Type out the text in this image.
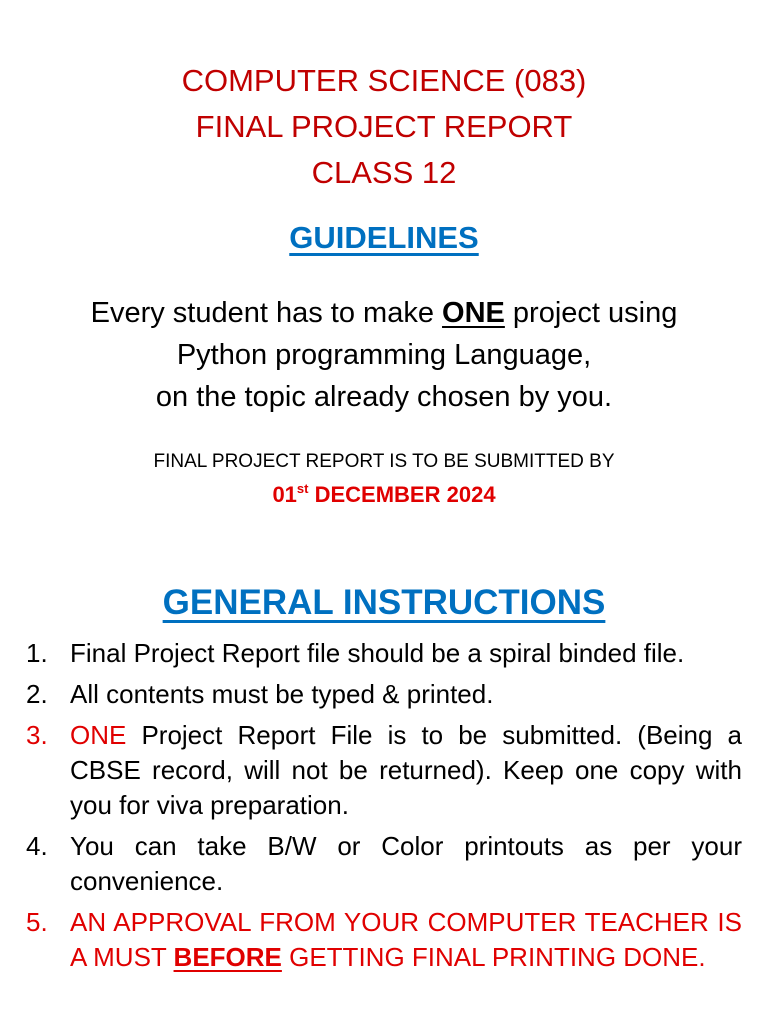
COMPUTER SCIENCE (083)
FINAL PROJECT REPORT
CLASS 12
GUIDELINES
Every student has to make ONE project using
Python programming Language,
on the topic already chosen by you.
FINAL PROJECT REPORT IS TO BE SUBMITTED BY
01st DECEMBER 2024
GENERAL INSTRUCTIONS
1. Final Project Report file should be a spiral binded file.
2. All contents must be typed & printed.
3. ONE Project Report File is to be submitted. (Being a CBSE record, will not be returned). Keep one copy with you for viva preparation.
4. You can take B/W or Color printouts as per your convenience.
5. AN APPROVAL FROM YOUR COMPUTER TEACHER IS A MUST BEFORE GETTING FINAL PRINTING DONE.
